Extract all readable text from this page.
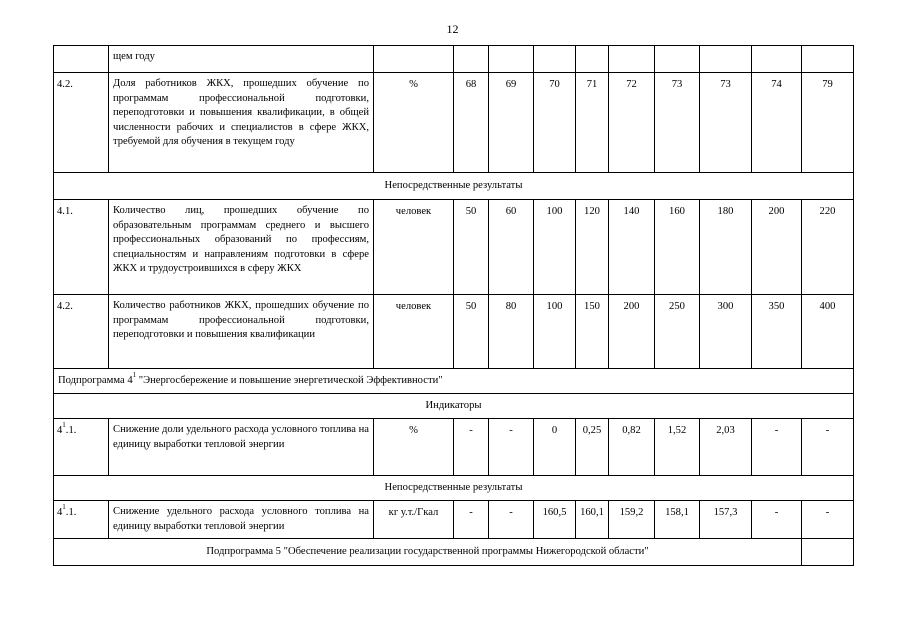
12
	щем году										
4.2.	Доля работников ЖКХ, прошедших обучение по программам профессиональной подготовки, переподготовки и повышения квалификации, в общей численности рабочих и специалистов в сфере ЖКХ, требуемой для обучения в текущем году	%	68	69	70	71	72	73	73	74	79
Непосредственные результаты											
4.1.	Количество лиц, прошедших обучение по образовательным программам среднего и высшего профессиональных образований по профессиям, специальностям и направлениям подготовки в сфере ЖКХ и трудоустроившихся в сферу ЖКХ	человек	50	60	100	120	140	160	180	200	220
4.2.	Количество работников ЖКХ, прошедших обучение по программам профессиональной подготовки, переподготовки и повышения квалификации	человек	50	80	100	150	200	250	300	350	400
Подпрограмма $4^1$ "Энергосбережение и повышение энергетической Эффективности"											
Индикаторы											
$4^1.1$.	Снижение доли удельного расхода условного топлива на единицу выработки тепловой энергии	%	-	-	0	0,25	0,82	1,52	2,03	-	-
Непосредственные результаты											
$4^1.1$.	Снижение удельного расхода условного топлива на единицу выработки тепловой энергии	кг у.т./Гкал	-	-	160,5	160,1	159,2	158,1	157,3	-	-
Подпрограмма 5 "Обеспечение реализации государственной программы Нижегородской области"											
